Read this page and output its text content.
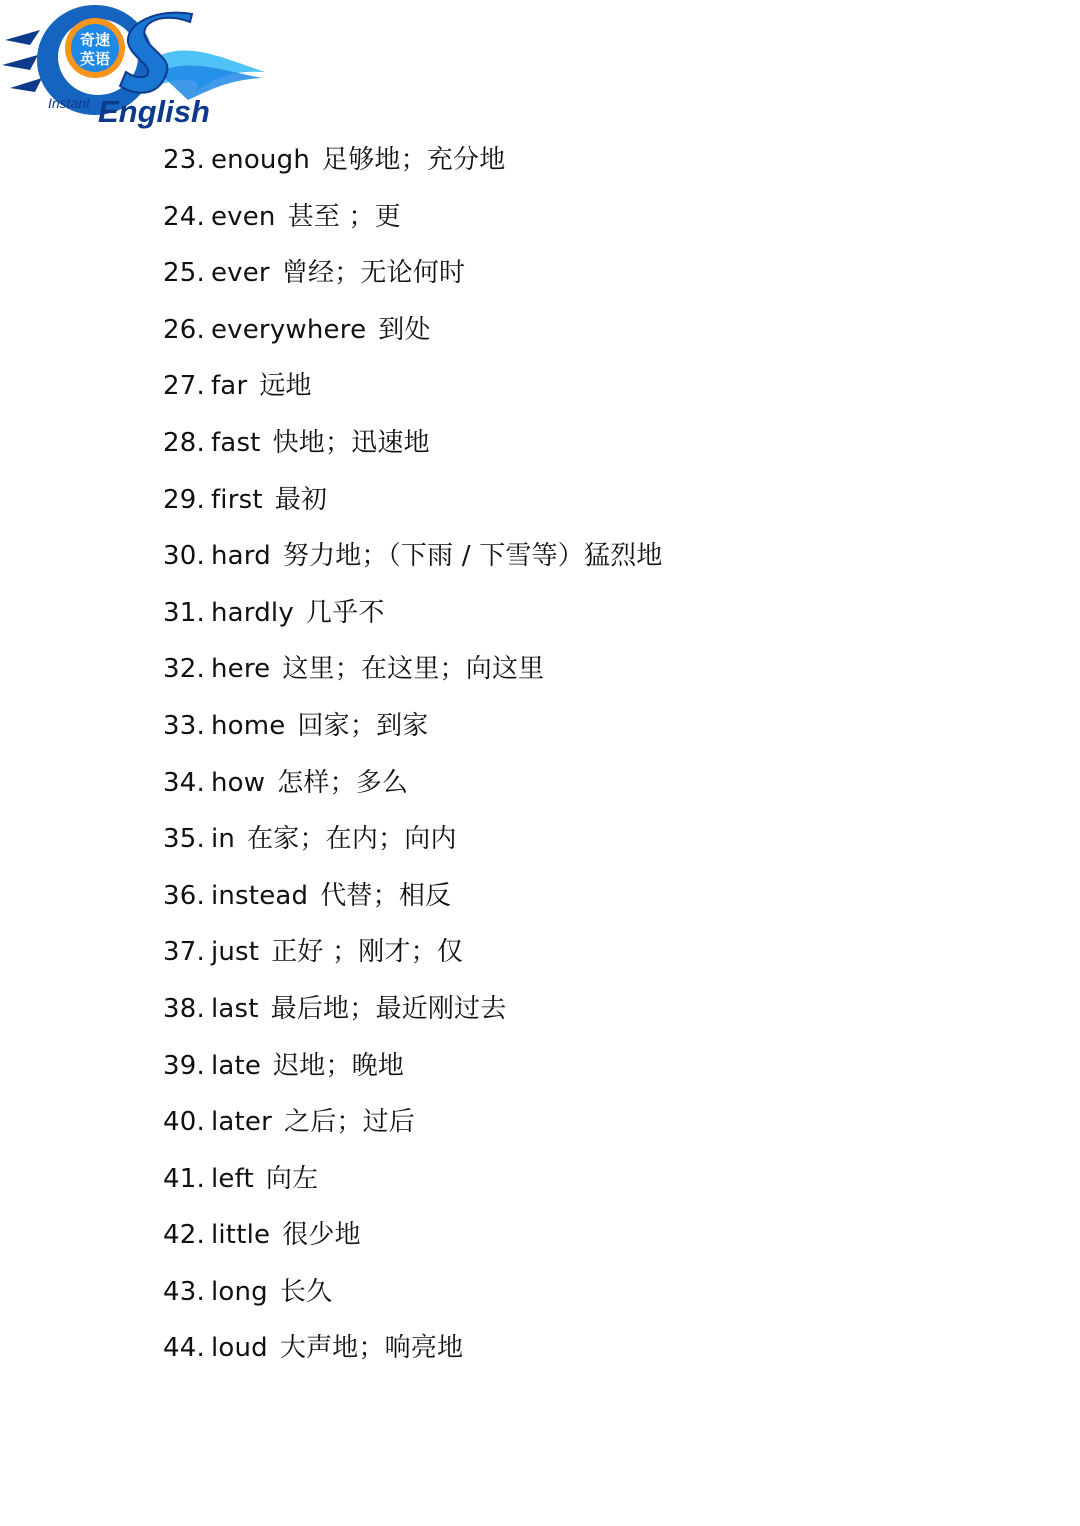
奇速
英语
Instant English
23. enough 足够地；充分地
24. even 甚至 ；更
25. ever 曾经；无论何时
26. everywhere 到处
27. far 远地
28. fast 快地；迅速地
29. first 最初
30. hard 努力地；（下雨 / 下雪等）猛烈地
31. hardly 几乎不
32. here 这里；在这里；向这里
33. home 回家；到家
34. how 怎样；多么
35. in 在家；在内；向内
36. instead 代替；相反
37. just 正好 ；刚才；仅
38. last 最后地；最近刚过去
39. late 迟地；晚地
40. later 之后；过后
41. left 向左
42. little 很少地
43. long 长久
44. loud 大声地；响亮地
